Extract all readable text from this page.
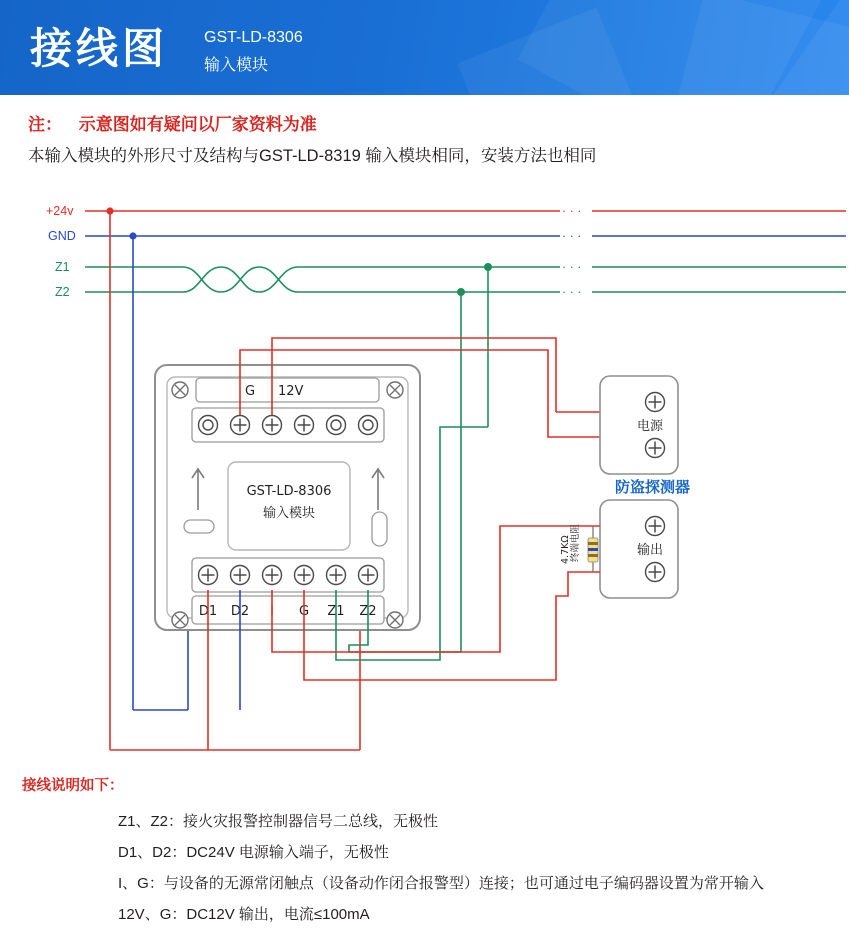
接线图 GST-LD-8306
输入模块
注： 示意图如有疑问以厂家资料为准
本输入模块的外形尺寸及结构与GST-LD-8319 输入模块相同，安装方法也相同
+24v	· · ·
GND	· · ·
Z1
· · ·
Z2
· · ·
G 12V
GST-LD-8306
输入模块
D1 D2 I G Z1 Z2
电源
输出
防盗探测器
终端电阻
4.7KΩ
接线说明如下：
Z1、Z2：接火灾报警控制器信号二总线，无极性
D1、D2：DC24V 电源输入端子，无极性
I、G：与设备的无源常闭触点（设备动作闭合报警型）连接；也可通过电子编码器设置为常开输入
12V、G：DC12V 输出，电流≤100mA
